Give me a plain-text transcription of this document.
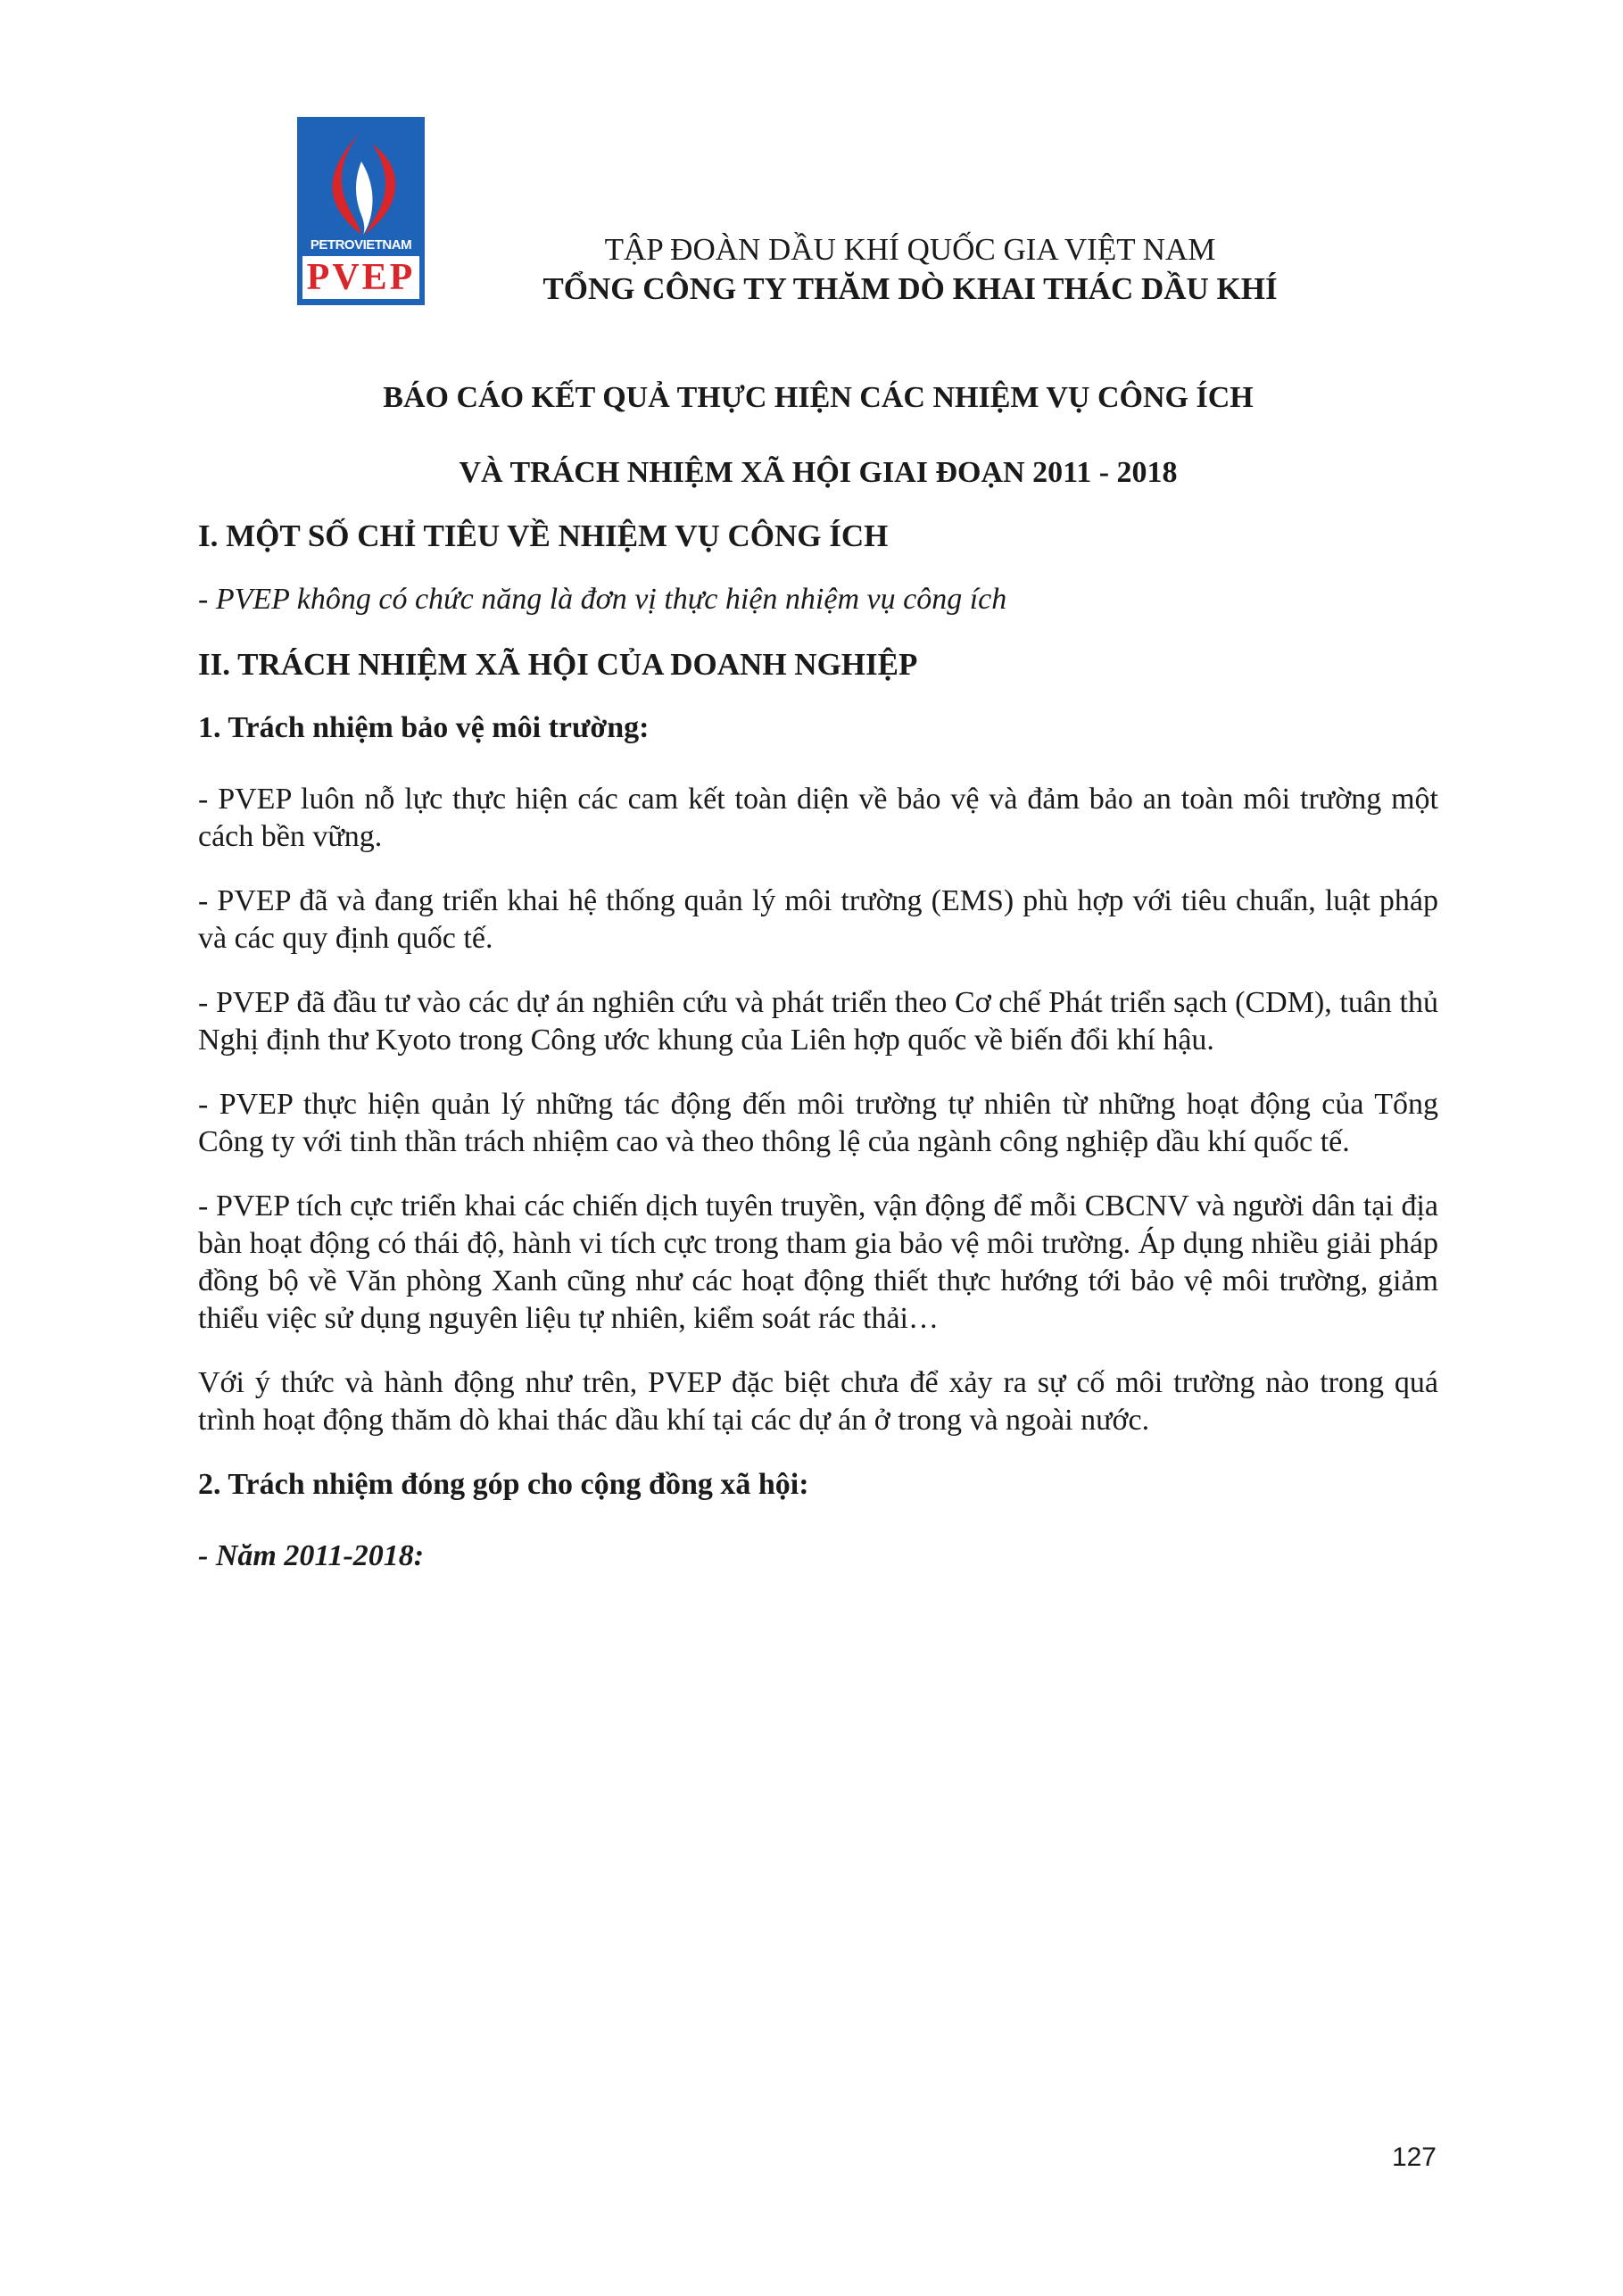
PETROVIETNAM
PVEP
TẬP ĐOÀN DẦU KHÍ QUỐC GIA VIỆT NAM
TỔNG CÔNG TY THĂM DÒ KHAI THÁC DẦU KHÍ

BÁO CÁO KẾT QUẢ THỰC HIỆN CÁC NHIỆM VỤ CÔNG ÍCH

VÀ TRÁCH NHIỆM XÃ HỘI GIAI ĐOẠN 2011 - 2018

I. MỘT SỐ CHỈ TIÊU VỀ NHIỆM VỤ CÔNG ÍCH

- PVEP không có chức năng là đơn vị thực hiện nhiệm vụ công ích

II. TRÁCH NHIỆM XÃ HỘI CỦA DOANH NGHIỆP

1. Trách nhiệm bảo vệ môi trường:

- PVEP luôn nỗ lực thực hiện các cam kết toàn diện về bảo vệ và đảm bảo an toàn môi trường một cách bền vững.

- PVEP đã và đang triển khai hệ thống quản lý môi trường (EMS) phù hợp với tiêu chuẩn, luật pháp và các quy định quốc tế.

- PVEP đã đầu tư vào các dự án nghiên cứu và phát triển theo Cơ chế Phát triển sạch (CDM), tuân thủ Nghị định thư Kyoto trong Công ước khung của Liên hợp quốc về biến đổi khí hậu.

- PVEP thực hiện quản lý những tác động đến môi trường tự nhiên từ những hoạt động của Tổng Công ty với tinh thần trách nhiệm cao và theo thông lệ của ngành công nghiệp dầu khí quốc tế.

- PVEP tích cực triển khai các chiến dịch tuyên truyền, vận động để mỗi CBCNV và người dân tại địa bàn hoạt động có thái độ, hành vi tích cực trong tham gia bảo vệ môi trường. Áp dụng nhiều giải pháp đồng bộ về Văn phòng Xanh cũng như các hoạt động thiết thực hướng tới bảo vệ môi trường, giảm thiểu việc sử dụng nguyên liệu tự nhiên, kiểm soát rác thải…

Với ý thức và hành động như trên, PVEP đặc biệt chưa để xảy ra sự cố môi trường nào trong quá trình hoạt động thăm dò khai thác dầu khí tại các dự án ở trong và ngoài nước.

2. Trách nhiệm đóng góp cho cộng đồng xã hội:

- Năm 2011-2018:

127
